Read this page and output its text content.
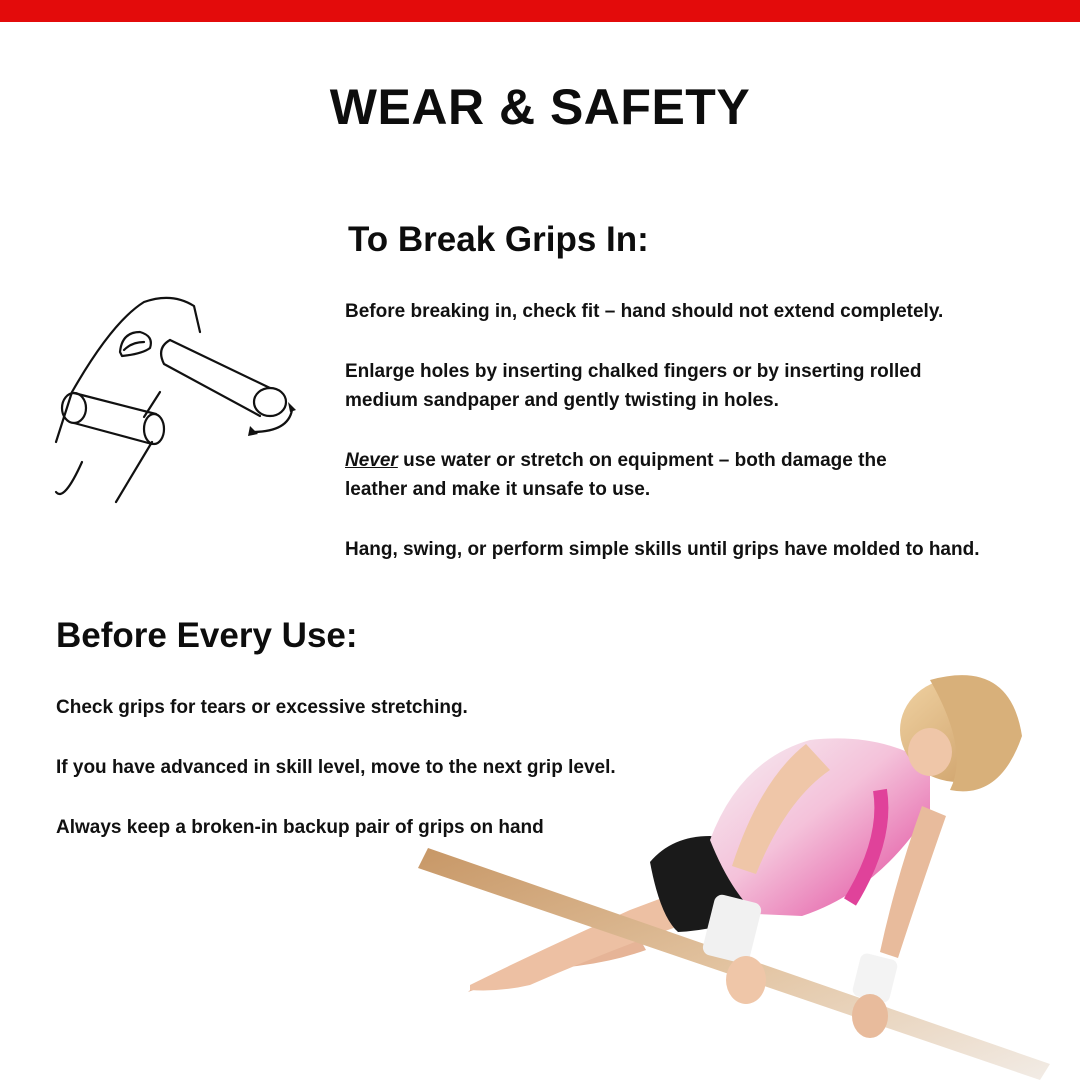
WEAR & SAFETY
To Break Grips In:
Before breaking in, check fit – hand should not extend completely.
Enlarge holes by inserting chalked fingers or by inserting rolled
medium sandpaper and gently twisting in holes.
Never use water or stretch on equipment – both damage the
leather and make it unsafe to use.
Hang, swing, or perform simple skills until grips have molded to hand.
Before Every Use:
Check grips for tears or excessive stretching.
If you have advanced in skill level, move to the next grip level.
Always keep a broken-in backup pair of grips on hand
